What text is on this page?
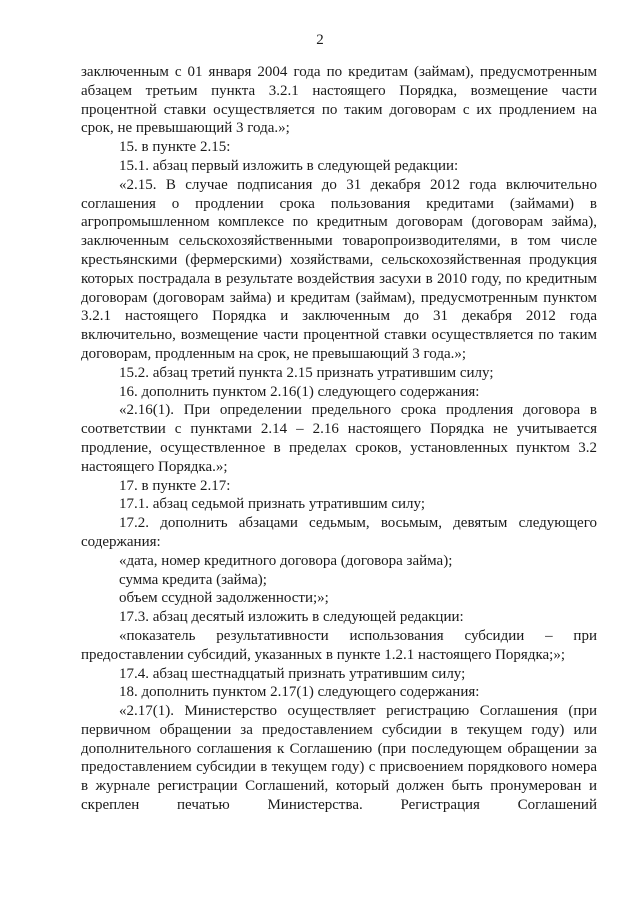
2

заключенным с 01 января 2004 года по кредитам (займам), предусмотренным абзацем третьим пункта 3.2.1 настоящего Порядка, возмещение части процентной ставки осуществляется по таким договорам с их продлением на срок, не превышающий 3 года.»;

15. в пункте 2.15:

15.1. абзац первый изложить в следующей редакции:

«2.15. В случае подписания до 31 декабря 2012 года включительно соглашения о продлении срока пользования кредитами (займами) в агропромышленном комплексе по кредитным договорам (договорам займа), заключенным сельскохозяйственными товаропроизводителями, в том числе крестьянскими (фермерскими) хозяйствами, сельскохозяйственная продукция которых пострадала в результате воздействия засухи в 2010 году, по кредитным договорам (договорам займа) и кредитам (займам), предусмотренным пунктом 3.2.1 настоящего Порядка и заключенным до 31 декабря 2012 года включительно, возмещение части процентной ставки осуществляется по таким договорам, продленным на срок, не превышающий 3 года.»;

15.2. абзац третий пункта 2.15 признать утратившим силу;

16. дополнить пунктом 2.16(1) следующего содержания:

«2.16(1). При определении предельного срока продления договора в соответствии с пунктами 2.14 – 2.16 настоящего Порядка не учитывается продление, осуществленное в пределах сроков, установленных пунктом 3.2 настоящего Порядка.»;

17. в пункте 2.17:

17.1. абзац седьмой признать утратившим силу;

17.2. дополнить абзацами седьмым, восьмым, девятым следующего содержания:

«дата, номер кредитного договора (договора займа);

сумма кредита (займа);

объем ссудной задолженности;»;

17.3. абзац десятый изложить в следующей редакции:

«показатель результативности использования субсидии – при предоставлении субсидий, указанных в пункте 1.2.1 настоящего Порядка;»;

17.4. абзац шестнадцатый признать утратившим силу;

18. дополнить пунктом 2.17(1) следующего содержания:

«2.17(1). Министерство осуществляет регистрацию Соглашения (при первичном обращении за предоставлением субсидии в текущем году) или дополнительного соглашения к Соглашению (при последующем обращении за предоставлением субсидии в текущем году) с присвоением порядкового номера в журнале регистрации Соглашений, который должен быть пронумерован и скреплен печатью Министерства. Регистрация Соглашений
